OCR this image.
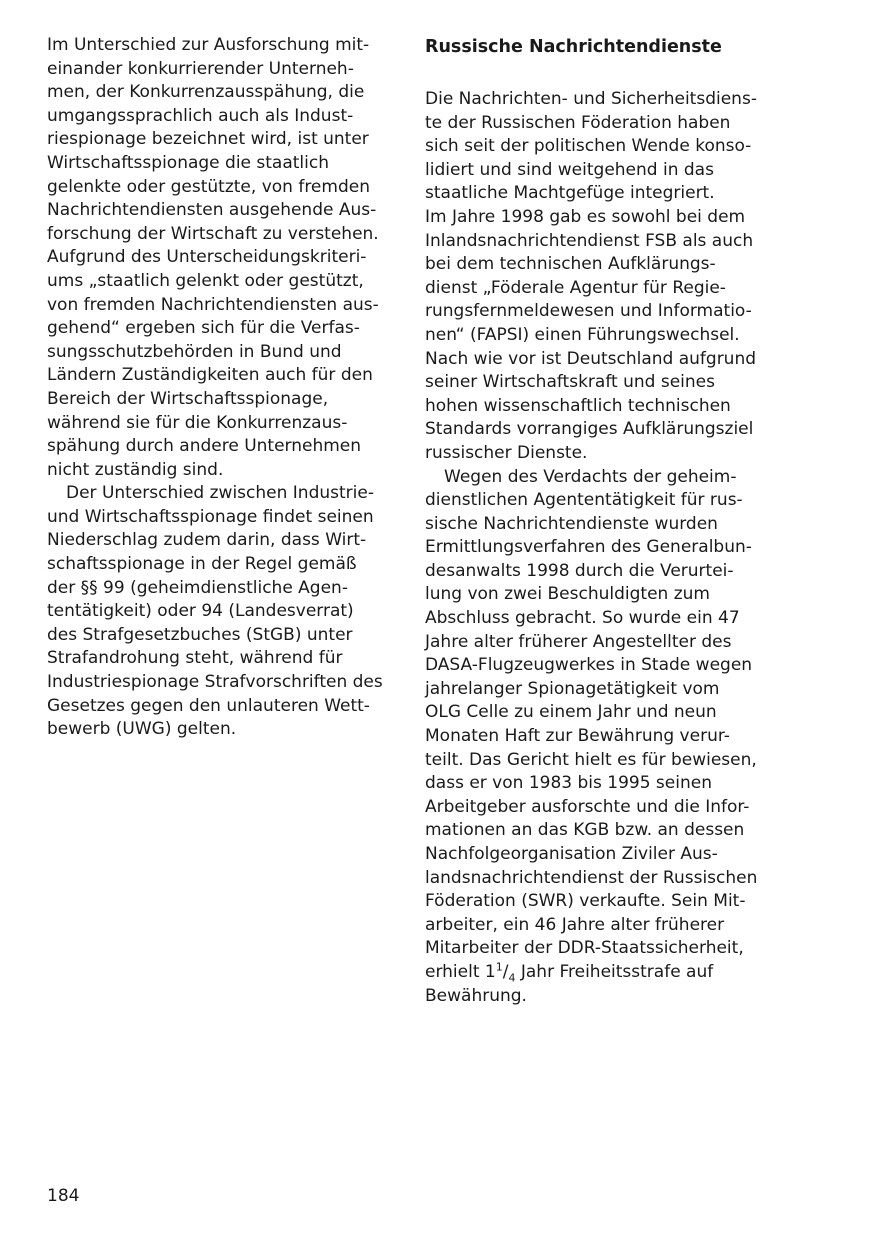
Im Unterschied zur Ausforschung mit-
einander konkurrierender Unterneh-
men, der Konkurrenzausspähung, die
umgangssprachlich auch als Indust-
riespionage bezeichnet wird, ist unter
Wirtschaftsspionage die staatlich
gelenkte oder gestützte, von fremden
Nachrichtendiensten ausgehende Aus-
forschung der Wirtschaft zu verstehen.
Aufgrund des Unterscheidungskriteri-
ums „staatlich gelenkt oder gestützt,
von fremden Nachrichtendiensten aus-
gehend“ ergeben sich für die Verfas-
sungsschutzbehörden in Bund und
Ländern Zuständigkeiten auch für den
Bereich der Wirtschaftsspionage,
während sie für die Konkurrenzaus-
spähung durch andere Unternehmen
nicht zuständig sind.
Der Unterschied zwischen Industrie-
und Wirtschaftsspionage findet seinen
Niederschlag zudem darin, dass Wirt-
schaftsspionage in der Regel gemäß
der §§ 99 (geheimdienstliche Agen-
tentätigkeit) oder 94 (Landesverrat)
des Strafgesetzbuches (StGB) unter
Strafandrohung steht, während für
Industriespionage Strafvorschriften des
Gesetzes gegen den unlauteren Wett-
bewerb (UWG) gelten.
Russische Nachrichtendienste
Die Nachrichten- und Sicherheitsdiens-
te der Russischen Föderation haben
sich seit der politischen Wende konso-
lidiert und sind weitgehend in das
staatliche Machtgefüge integriert.
Im Jahre 1998 gab es sowohl bei dem
Inlandsnachrichtendienst FSB als auch
bei dem technischen Aufklärungs-
dienst „Föderale Agentur für Regie-
rungsfernmeldewesen und Informatio-
nen“ (FAPSI) einen Führungswechsel.
Nach wie vor ist Deutschland aufgrund
seiner Wirtschaftskraft und seines
hohen wissenschaftlich technischen
Standards vorrangiges Aufklärungsziel
russischer Dienste.
Wegen des Verdachts der geheim-
dienstlichen Agententätigkeit für rus-
sische Nachrichtendienste wurden
Ermittlungsverfahren des Generalbun-
desanwalts 1998 durch die Verurtei-
lung von zwei Beschuldigten zum
Abschluss gebracht. So wurde ein 47
Jahre alter früherer Angestellter des
DASA-Flugzeugwerkes in Stade wegen
jahrelanger Spionagetätigkeit vom
OLG Celle zu einem Jahr und neun
Monaten Haft zur Bewährung verur-
teilt. Das Gericht hielt es für bewiesen,
dass er von 1983 bis 1995 seinen
Arbeitgeber ausforschte und die Infor-
mationen an das KGB bzw. an dessen
Nachfolgeorganisation Ziviler Aus-
landsnachrichtendienst der Russischen
Föderation (SWR) verkaufte. Sein Mit-
arbeiter, ein 46 Jahre alter früherer
Mitarbeiter der DDR-Staatssicherheit,
erhielt $1^1/_4$ Jahr Freiheitsstrafe auf
Bewährung.
184
